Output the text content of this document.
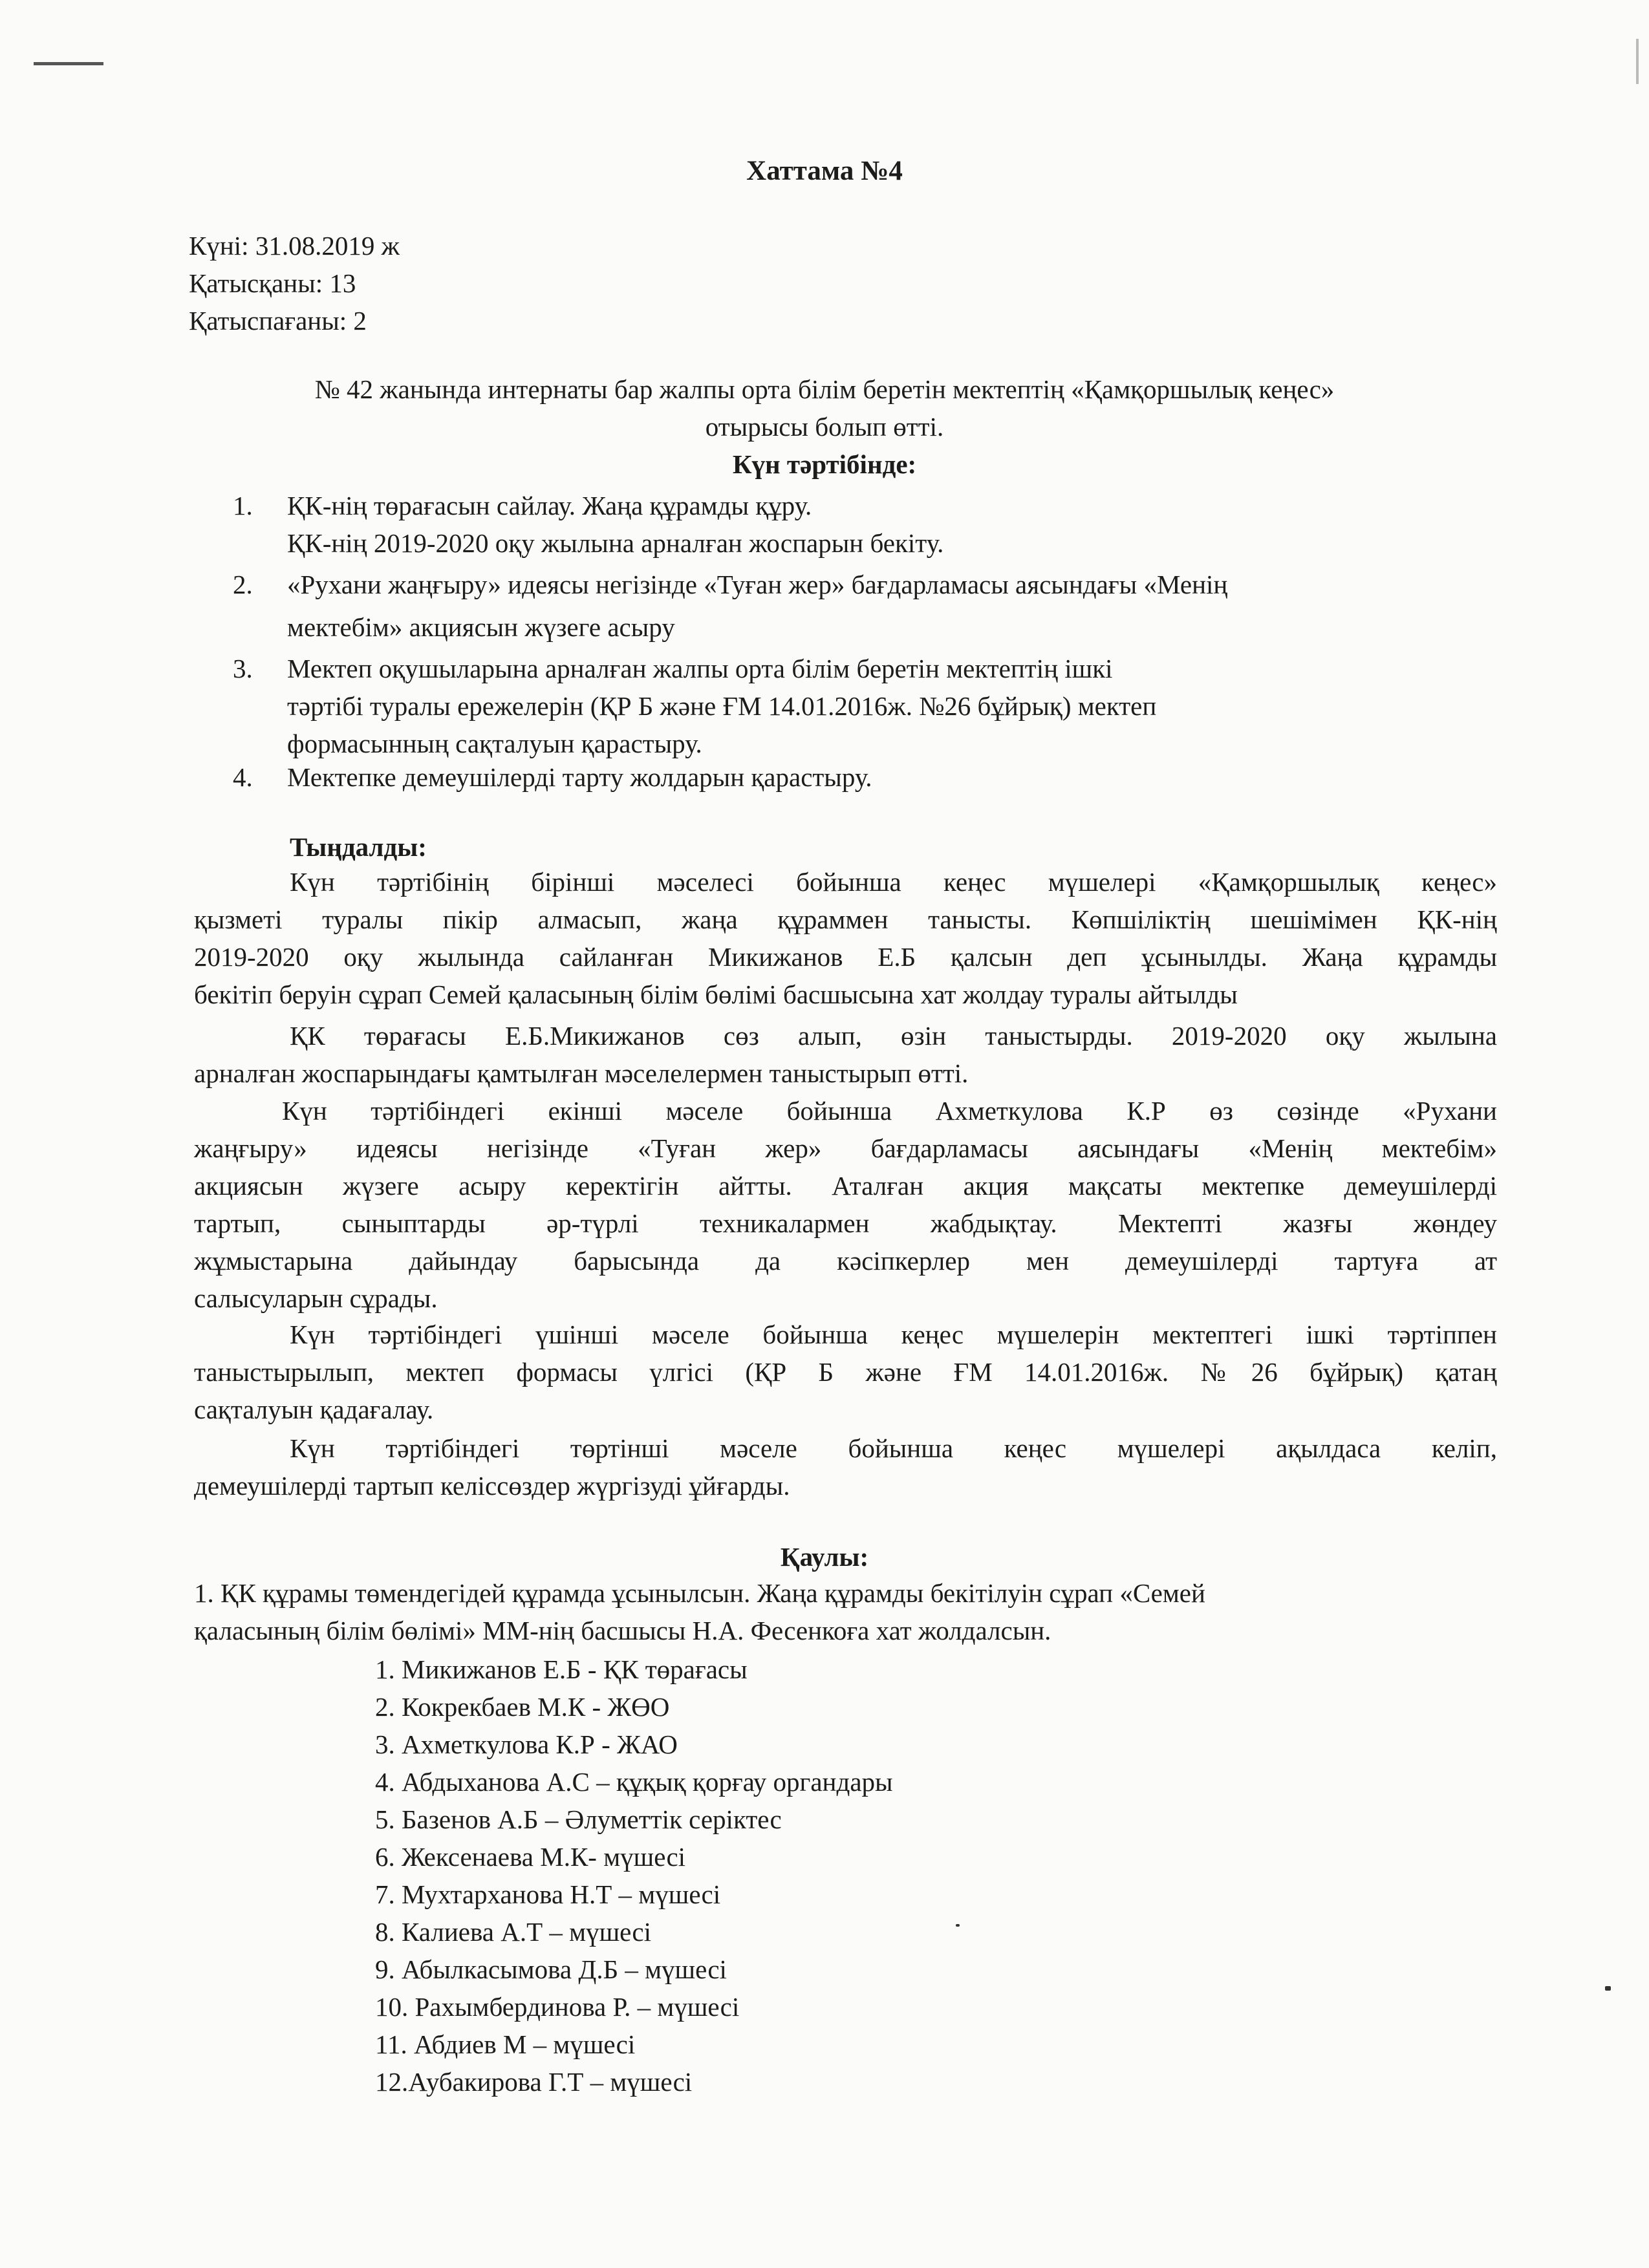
Хаттама №4
Күні: 31.08.2019 ж
Қатысқаны: 13
Қатыспағаны: 2
№ 42 жанында интернаты бар жалпы орта білім беретін мектептің «Қамқоршылық кеңес»
отырысы болып өтті.
Күн тәртібінде:
1. ҚК-нің төрағасын сайлау. Жаңа құрамды құру.
ҚК-нің 2019-2020 оқу жылына арналған жоспарын бекіту.
2. «Рухани жаңғыру» идеясы негізінде «Туған жер» бағдарламасы аясындағы «Менің
мектебім» акциясын жүзеге асыру
3. Мектеп оқушыларына арналған жалпы орта білім беретін мектептің ішкі
тәртібі туралы ережелерін (ҚР Б және ҒМ 14.01.2016ж. №26 бұйрық) мектеп
формасынның сақталуын қарастыру.
4. Мектепке демеушілерді тарту жолдарын қарастыру.
Тыңдалды:
Күн тәртібінің бірінші мәселесі бойынша кеңес мүшелері «Қамқоршылық кеңес»
қызметі туралы пікір алмасып, жаңа құраммен танысты. Көпшіліктің шешімімен ҚК-нің
2019-2020 оқу жылында сайланған Микижанов Е.Б қалсын деп ұсынылды. Жаңа құрамды
бекітіп беруін сұрап Семей қаласының білім бөлімі басшысына хат жолдау туралы айтылды
ҚК төрағасы Е.Б.Микижанов сөз алып, өзін таныстырды. 2019-2020 оқу жылына
арналған жоспарындағы қамтылған мәселелермен таныстырып өтті.
Күн тәртібіндегі екінші мәселе бойынша Ахметкулова К.Р өз сөзінде «Рухани
жаңғыру» идеясы негізінде «Туған жер» бағдарламасы аясындағы «Менің мектебім»
акциясын жүзеге асыру керектігін айтты. Аталған акция мақсаты мектепке демеушілерді
тартып, сыныптарды әр-түрлі техникалармен жабдықтау. Мектепті жазғы жөндеу
жұмыстарына дайындау барысында да кәсіпкерлер мен демеушілерді тартуға ат
салысуларын сұрады.
Күн тәртібіндегі үшінші мәселе бойынша кеңес мүшелерін мектептегі ішкі тәртіппен
таныстырылып, мектеп формасы үлгісі (ҚР Б және ҒМ 14.01.2016ж. №26 бұйрық) қатаң
сақталуын қадағалау.
Күн тәртібіндегі төртінші мәселе бойынша кеңес мүшелері ақылдаса келіп,
демеушілерді тартып келіссөздер жүргізуді ұйғарды.
Қаулы:
1. ҚК құрамы төмендегідей құрамда ұсынылсын. Жаңа құрамды бекітілуін сұрап «Семей
қаласының білім бөлімі» ММ-нің басшысы Н.А. Фесенкоға хат жолдалсын.
1. Микижанов Е.Б - ҚК төрағасы
2. Кокрекбаев М.К - ЖӨО
3. Ахметкулова К.Р - ЖАО
4. Абдыханова А.С – құқық қорғау органдары
5. Базенов А.Б – Әлуметтік серіктес
6. Жексенаева М.К- мүшесі
7. Мухтарханова Н.Т – мүшесі
8. Калиева А.Т – мүшесі
9. Абылкасымова Д.Б – мүшесі
10. Рахымбердинова Р. – мүшесі
11. Абдиев М – мүшесі
12.Аубакирова Г.Т – мүшесі
